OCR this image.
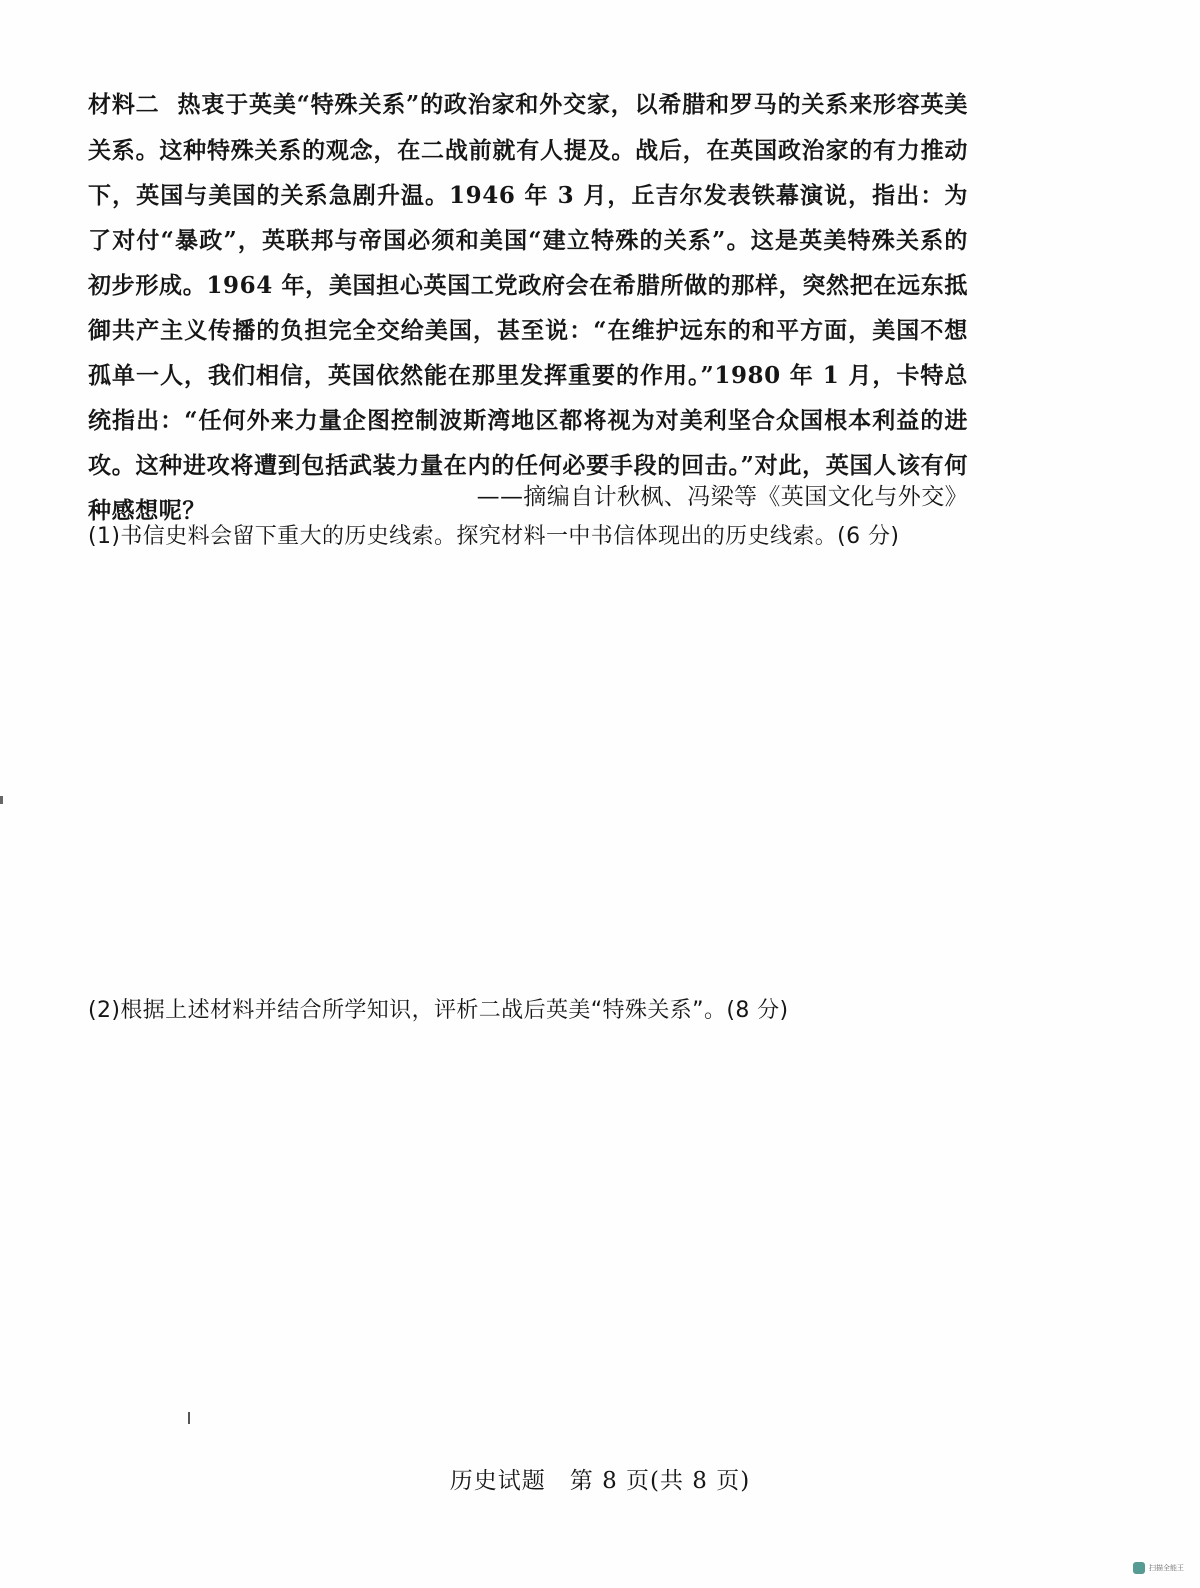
材料二 热衷于英美“特殊关系”的政治家和外交家，以希腊和罗马的关系来形容英美关系。这种特殊关系的观念，在二战前就有人提及。战后，在英国政治家的有力推动下，英国与美国的关系急剧升温。1946 年 3 月，丘吉尔发表铁幕演说，指出：为了对付“暴政”，英联邦与帝国必须和美国“建立特殊的关系”。这是英美特殊关系的初步形成。1964 年，美国担心英国工党政府会在希腊所做的那样，突然把在远东抵御共产主义传播的负担完全交给美国，甚至说：“在维护远东的和平方面，美国不想孤单一人，我们相信，英国依然能在那里发挥重要的作用。”1980 年 1 月，卡特总统指出：“任何外来力量企图控制波斯湾地区都将视为对美利坚合众国根本利益的进攻。这种进攻将遭到包括武装力量在内的任何必要手段的回击。”对此，英国人该有何种感想呢？	——摘编自计秋枫、冯梁等《英国文化与外交》
(1)书信史料会留下重大的历史线索。探究材料一中书信体现出的历史线索。(6 分)
(2)根据上述材料并结合所学知识，评析二战后英美“特殊关系”。(8 分)
历史试题　第 8 页(共 8 页)
扫描全能王
